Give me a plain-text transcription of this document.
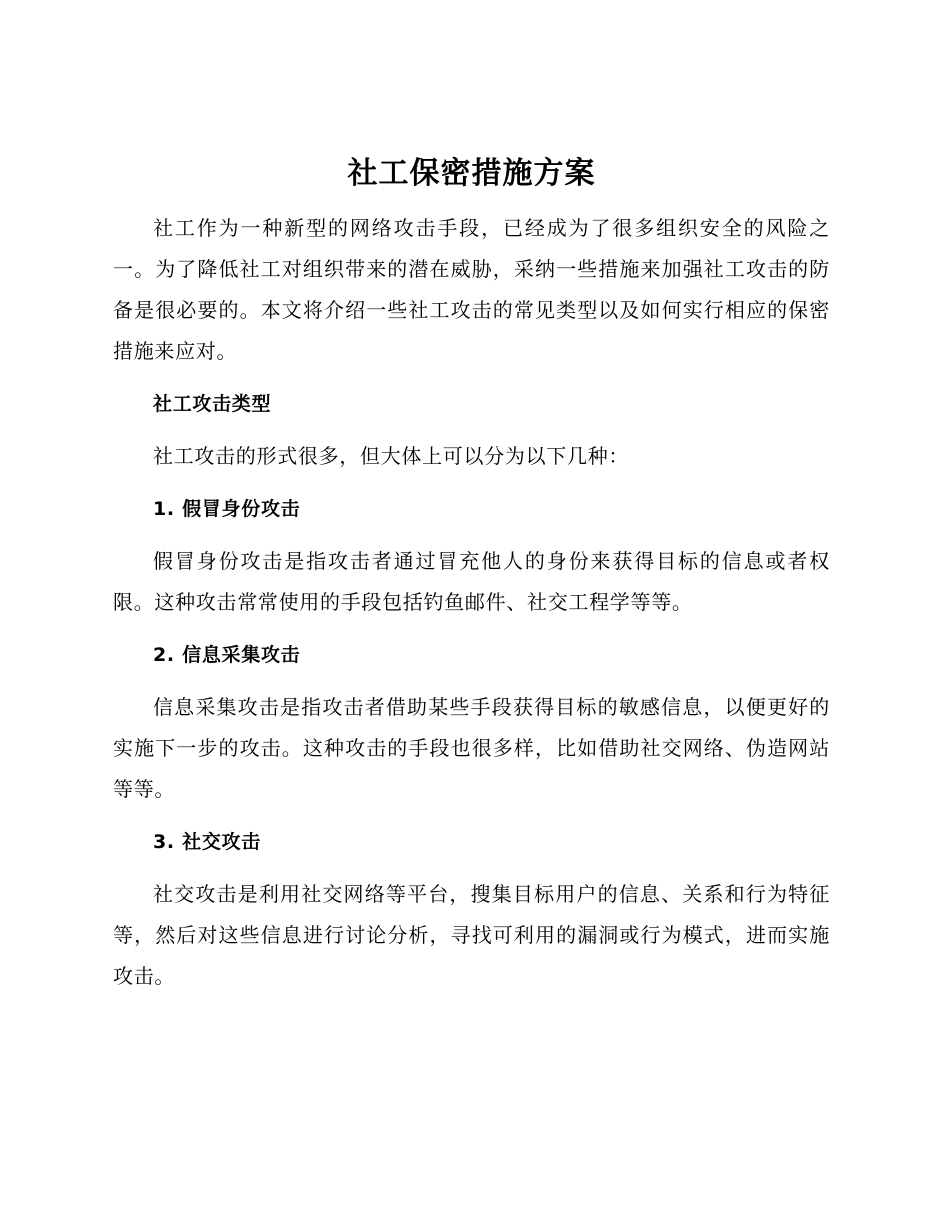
社工保密措施方案

社工作为一种新型的网络攻击手段，已经成为了很多组织安全的风险之一。为了降低社工对组织带来的潜在威胁，采纳一些措施来加强社工攻击的防备是很必要的。本文将介绍一些社工攻击的常见类型以及如何实行相应的保密措施来应对。

社工攻击类型

社工攻击的形式很多，但大体上可以分为以下几种：

1. 假冒身份攻击

假冒身份攻击是指攻击者通过冒充他人的身份来获得目标的信息或者权限。这种攻击常常使用的手段包括钓鱼邮件、社交工程学等等。

2. 信息采集攻击

信息采集攻击是指攻击者借助某些手段获得目标的敏感信息，以便更好的实施下一步的攻击。这种攻击的手段也很多样，比如借助社交网络、伪造网站等等。

3. 社交攻击

社交攻击是利用社交网络等平台，搜集目标用户的信息、关系和行为特征等，然后对这些信息进行讨论分析，寻找可利用的漏洞或行为模式，进而实施攻击。
